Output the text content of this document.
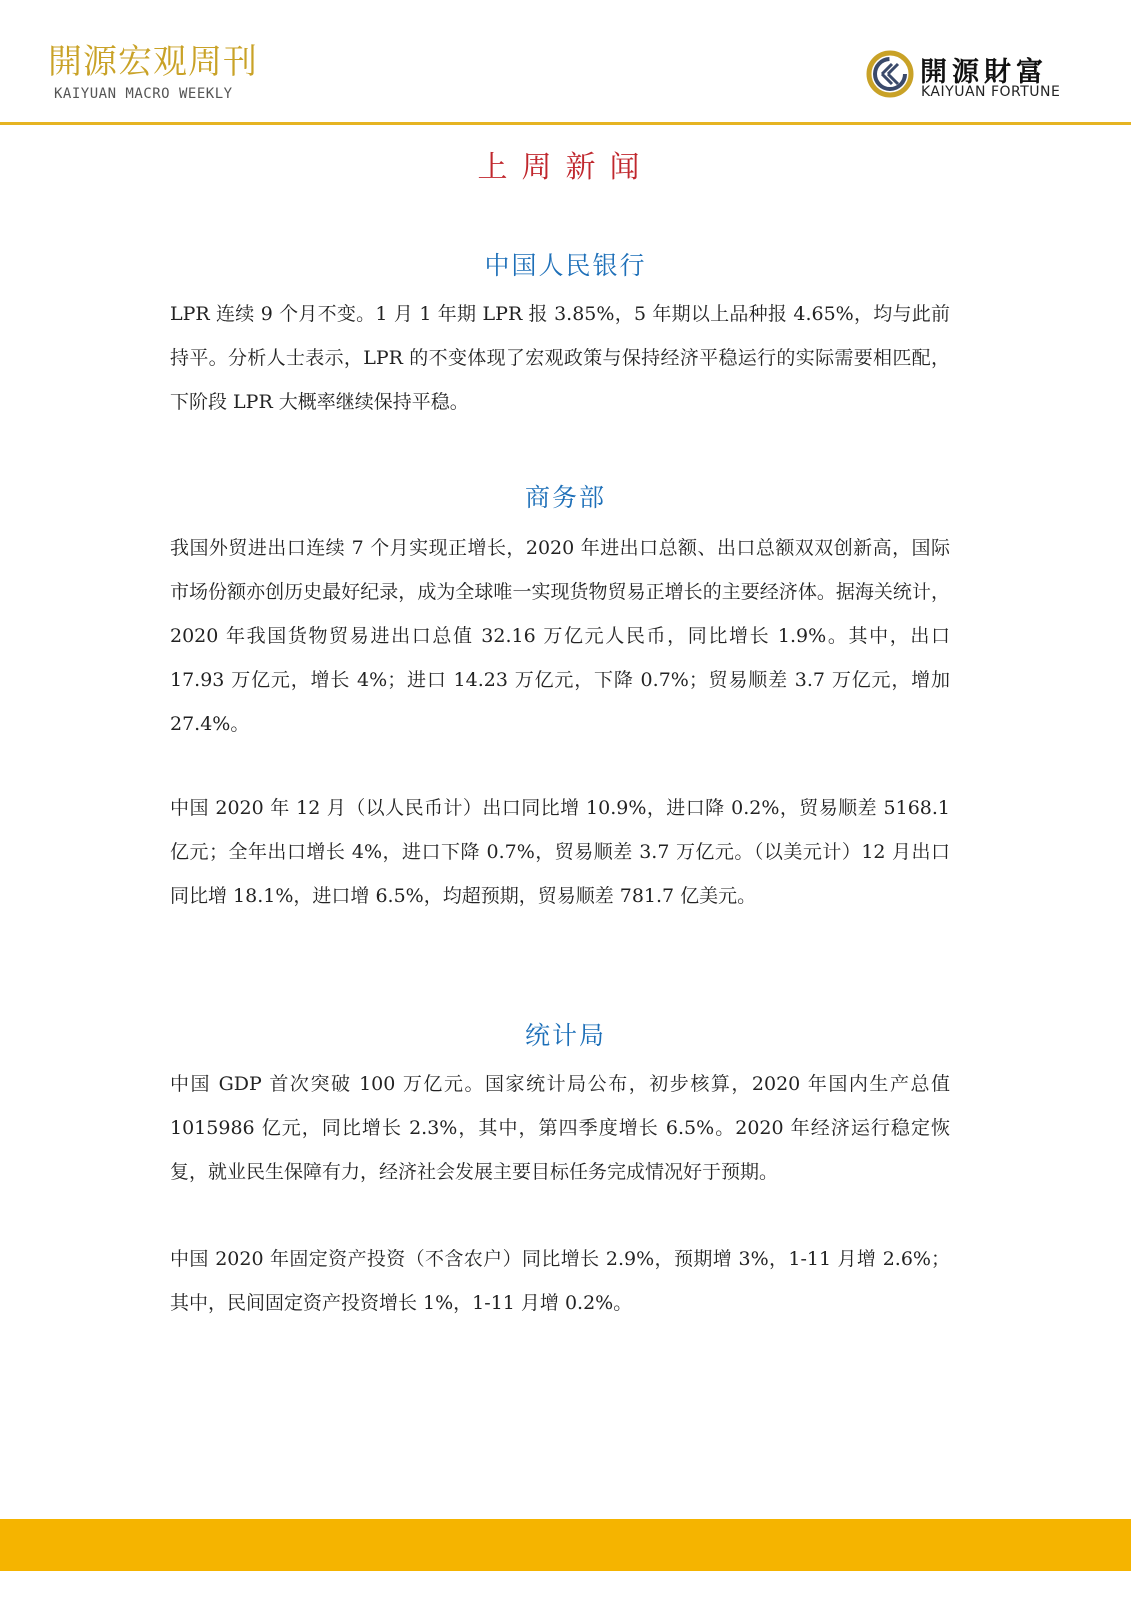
開源宏观周刊
KAIYUAN MACRO WEEKLY
開源財富
KAIYUAN FORTUNE
上周新闻
中国人民银行

LPR 连续 9 个月不变。1 月 1 年期 LPR 报 3.85%，5 年期以上品种报 4.65%，均与此前持平。分析人士表示，LPR 的不变体现了宏观政策与保持经济平稳运行的实际需要相匹配，下阶段 LPR 大概率继续保持平稳。

商务部

我国外贸进出口连续 7 个月实现正增长，2020 年进出口总额、出口总额双双创新高，国际市场份额亦创历史最好纪录，成为全球唯一实现货物贸易正增长的主要经济体。据海关统计，2020 年我国货物贸易进出口总值 32.16 万亿元人民币，同比增长 1.9%。其中，出口 17.93 万亿元，增长 4%；进口 14.23 万亿元，下降 0.7%；贸易顺差 3.7 万亿元，增加 27.4%。

中国 2020 年 12 月（以人民币计）出口同比增 10.9%，进口降 0.2%，贸易顺差 5168.1 亿元；全年出口增长 4%，进口下降 0.7%，贸易顺差 3.7 万亿元。（以美元计）12 月出口同比增 18.1%，进口增 6.5%，均超预期，贸易顺差 781.7 亿美元。

统计局

中国 GDP 首次突破 100 万亿元。国家统计局公布，初步核算，2020 年国内生产总值 1015986 亿元，同比增长 2.3%，其中，第四季度增长 6.5%。2020 年经济运行稳定恢复，就业民生保障有力，经济社会发展主要目标任务完成情况好于预期。

中国 2020 年固定资产投资（不含农户）同比增长 2.9%，预期增 3%，1-11 月增 2.6%；其中，民间固定资产投资增长 1%，1-11 月增 0.2%。
